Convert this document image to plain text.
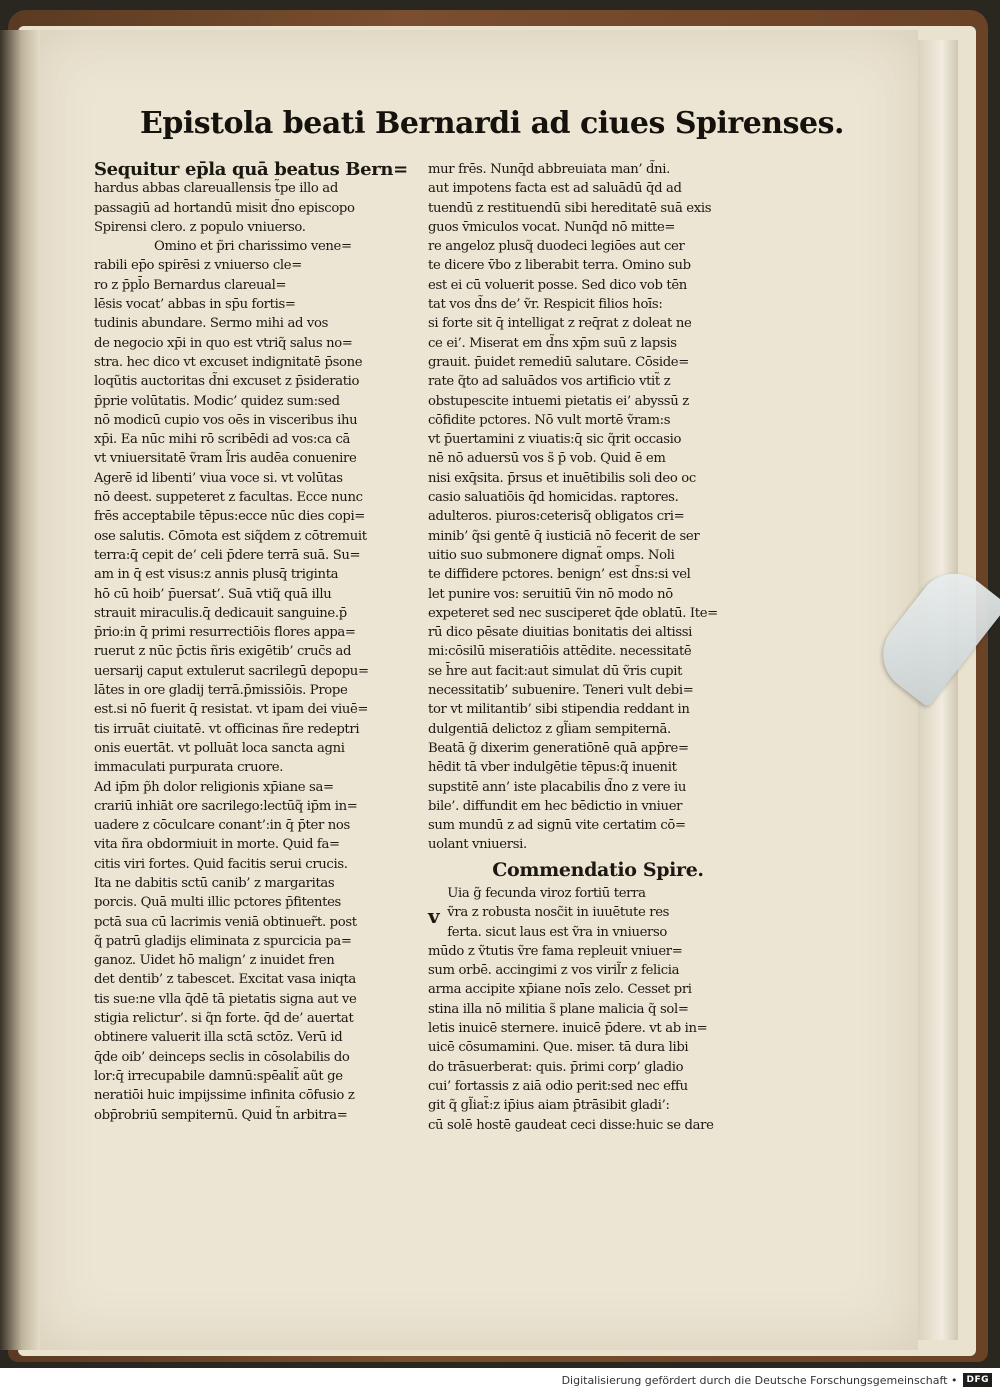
Epistola beati Bernardi ad ciues Spirenses.

Sequitur ep̄la quā beatus Bern=

hardus abbas clareuallensis t̃pe illo ad

passagiū ad hortandū misit d̃no episcopo

Spirensi clero. z populo vniuerso.

Omino et p̃ri charissimo vene=

rabili ep̄o spirēsi z vniuerso cle=

ro z p̄pl̄o Bernardus clareual=

lēsis vocat’ abbas in sp̄u fortis=

tudinis abundare. Sermo mihi ad vos

de negocio xp̄i in quo est vtriq̃ salus no=

stra. hec dico vt excuset indignitatē p̄sone

loqũtis auctoritas d̃ni excuset z p̄sideratio

p̄prie volūtatis. Modic’ quidez sum:sed

nō modicū cupio vos oēs in visceribus ihu

xp̄i. Ea nūc mihi rō scribēdi ad vos:ca cā

vt vniuersitatē ṽram l̃ris audēa conuenire

Agerē id libenti’ viua voce si. vt volūtas

nō deest. suppeteret z facultas. Ecce nunc

frēs acceptabile tēpus:ecce nūc dies copi=

ose salutis. Cōmota est siq̃dem z cōtremuit

terra:q̄ cepit de’ celi p̄dere terrā suā. Su=

am in q̄ est visus:z annis plusq̄ triginta

hō cū hoib’ p̄uersat’. Suā vtiq̃ quā illu

strauit miraculis.q̄ dedicauit sanguine.p̄

p̄rio:in q̄ primi resurrectiōis flores appa=

ruerut z nūc p̄ctis ñris exigētib’ cruc̄s ad

uersarij caput extulerut sacrilegū depopu=

lātes in ore gladij terrā.p̄missiōis. Prope

est.si nō fuerit q̄ resistat. vt ipam dei viuē=

tis irruāt ciuitatē. vt officinas ñre redeptri

onis euertāt. vt polluāt loca sancta agni

immaculati purpurata cruore.

Ad ip̄m p̃h dolor religionis xp̄iane sa=

crariū inhiāt ore sacrilego:lectūq̃ ip̄m in=

uadere z cōculcare conant’:in q̄ p̄ter nos

vita ñra obdormiuit in morte. Quid fa=

citis viri fortes. Quid facitis serui crucis.

Ita ne dabitis sctū canib’ z margaritas

porcis. Quā multi illic pctores p̄fitentes

pctā sua cū lacrimis veniā obtinuer̃t. post

q̃ patrū gladijs eliminata z spurcicia pa=

ganoz. Uidet hō malign’ z inuidet fren

det dentib’ z tabescet. Excitat vasa iniqta

tis sue:ne vlla q̄dē tā pietatis signa aut ve

stigia relictur’. si q̃n forte. q̄d de’ auertat

obtinere valuerit illa sctā sctōz. Verū id

q̄de oib’ deinceps seclis in cōsolabilis do

lor:q̄ irrecupabile damnū:spēalit̃ aũt ge

neratiōi huic impijssime infinita cōfusio z

obp̄robriū sempiternū. Quid t̃n arbitra=

mur frēs. Nunq̄d abbreuiata man’ d̃ni.

aut impotens facta est ad saluādū q̄d ad

tuendū z restituendū sibi hereditatē suā exis

guos v̄miculos vocat. Nunq̄d nō mitte=

re angeloz plusq̃ duodeci legiōes aut cer

te dicere v̄bo z liberabit terra. Omino sub

est ei cū voluerit posse. Sed dico vob tēn

tat vos d̃ns de’ ṽr. Respicit filios hoīs:

si forte sit q̄ intelligat z req̄rat z doleat ne

ce ei’. Miserat em d̃ns xp̄m suū z lapsis

grauit. p̄uidet remediū salutare. Cōside=

rate q̃to ad saluādos vos artificio vtit̃ z

obstupescite intuemi pietatis ei’ abyssū z

cōfidite pctores. Nō vult mortē ṽram:s

vt p̄uertamini z viuatis:q̄ sic q̃rit occasio

nē nō aduersū vos s̃ p̄ vob. Quid ē em

nisi exq̄sita. p̄rsus et inuētibilis soli deo oc

casio saluatiōis q̄d homicidas. raptores.

adulteros. piuros:ceterisq̃ obligatos cri=

minib’ q̃si gentē q̄ iusticiā nō fecerit de ser

uitio suo submonere dignat̃ omps. Noli

te diffidere pctores. benign’ est d̃ns:si vel

let punire vos: seruitiū ṽin nō modo nō

expeteret sed nec susciperet q̄de oblatū. Ite=

rū dico pēsate diuitias bonitatis dei altissi

mi:cōsilū miseratiōis attēdite. necessitatē

se h̄re aut facit:aut simulat dū ṽris cupit

necessitatib’ subuenire. Teneri vult debi=

tor vt militantib’ sibi stipendia reddant in

dulgentiā delictoz z gl̃iam sempiternā.

Beatā g̃ dixerim generatiōnē quā app̄re=

hēdit tā vber indulgētie tēpus:q̃ inuenit

supstitē ann’ iste placabilis d̃no z vere iu

bile’. diffundit em hec bēdictio in vniuer

sum mundū z ad signū vite certatim cō=

uolant vniuersi.

Commendatio Spire.
v

Uia g̃ fecunda viroz fortiū terra

ṽra z robusta nosc̃it in iuuētute res

ferta. sicut laus est ṽra in vniuerso

mūdo z ṽtutis ṽre fama repleuit vniuer=

sum orbē. accingimi z vos viril̃r z felicia

arma accipite xp̄iane noīs zelo. Cesset pri

stina illa nō militia s̃ plane malicia q̃ sol=

letis inuicē sternere. inuicē p̄dere. vt ab in=

uicē cōsumamini. Que. miser. tā dura libi

do trāsuerberat: quis. p̄rimi corp’ gladio

cui’ fortassis z aiā odio perit:sed nec effu

git q̃ gl̃iat̃:z ip̄ius aiam p̄trāsibit gladi’:

cū solē hostē gaudeat ceci disse:huic se dare

Digitalisierung gefördert durch die Deutsche Forschungsgemeinschaft •	DFG
